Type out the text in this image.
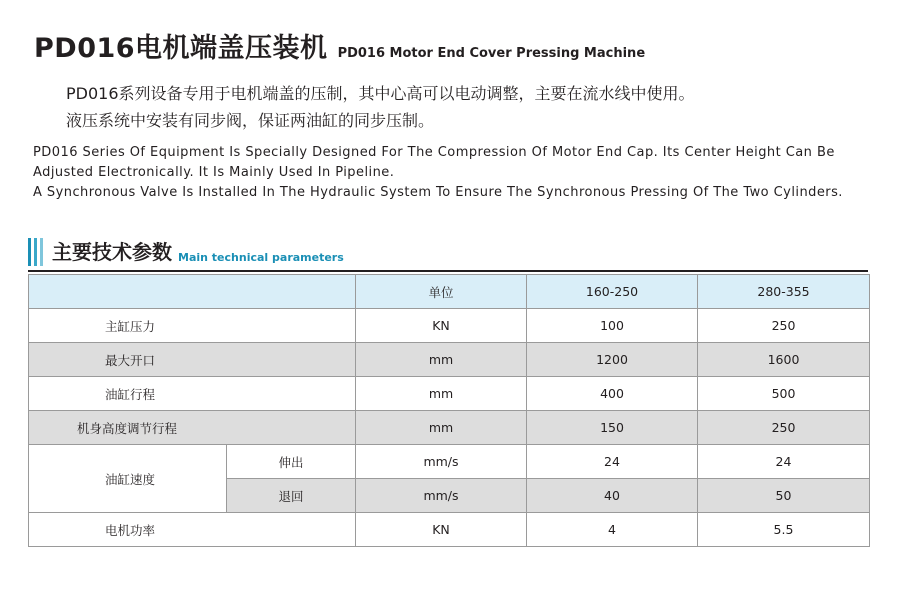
PD016电机端盖压装机 PD016 Motor End Cover Pressing Machine
PD016系列设备专用于电机端盖的压制，其中心高可以电动调整，主要在流水线中使用。
液压系统中安装有同步阀，保证两油缸的同步压制。
PD016 Series Of Equipment Is Specially Designed For The Compression Of Motor End Cap. Its Center Height Can Be
Adjusted Electronically. It Is Mainly Used In Pipeline.
A Synchronous Valve Is Installed In The Hydraulic System To Ensure The Synchronous Pressing Of The Two Cylinders.
主要技术参数 Main technical parameters
		单位	160-250	280-355
主缸压力		KN	100	250
最大开口		mm	1200	1600
油缸行程		mm	400	500
机身高度调节行程		mm	150	250
油缸速度	伸出	mm/s	24	24
	退回	mm/s	40	50
电机功率		KN	4	5.5
